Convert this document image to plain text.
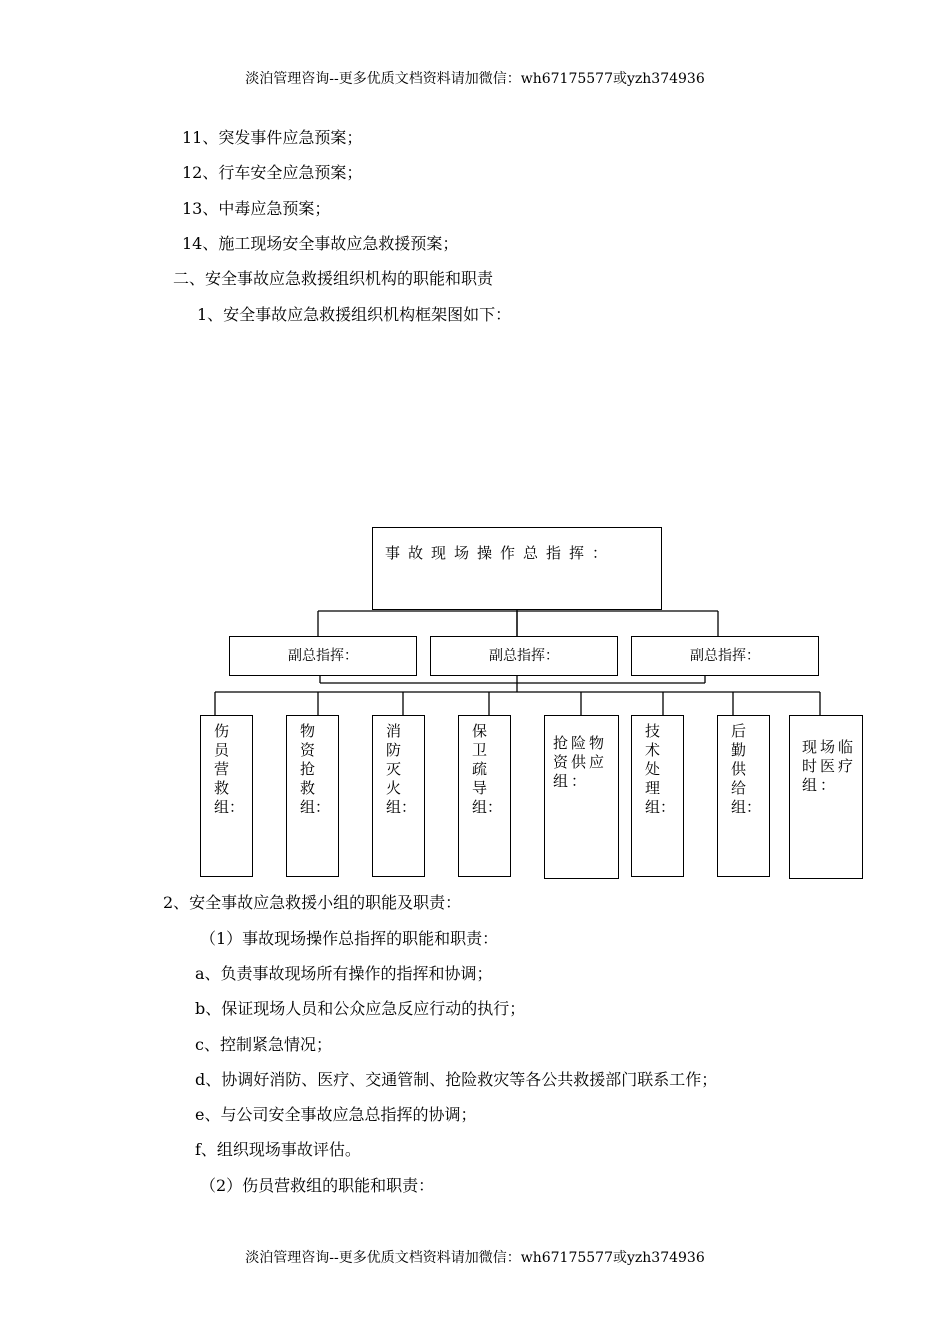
淡泊管理咨询--更多优质文档资料请加微信：wh67175577或yzh374936
11、突发事件应急预案；
12、行车安全应急预案；
13、中毒应急预案；
14、施工现场安全事故应急救援预案；
二、安全事故应急救援组织机构的职能和职责
1、安全事故应急救援组织机构框架图如下：
事故现场操作总指挥：
副总指挥：	副总指挥：	副总指挥：
伤员营救组：
物资抢救组：
消防灭火组：
保卫疏导组：
抢险物资供应组：
技术处理组：
后勤供给组：
现场临时医疗组：
2、安全事故应急救援小组的职能及职责：
（1）事故现场操作总指挥的职能和职责：
a、负责事故现场所有操作的指挥和协调；
b、保证现场人员和公众应急反应行动的执行；
c、控制紧急情况；
d、协调好消防、医疗、交通管制、抢险救灾等各公共救援部门联系工作；
e、与公司安全事故应急总指挥的协调；
f、组织现场事故评估。
（2）伤员营救组的职能和职责：
淡泊管理咨询--更多优质文档资料请加微信：wh67175577或yzh374936
